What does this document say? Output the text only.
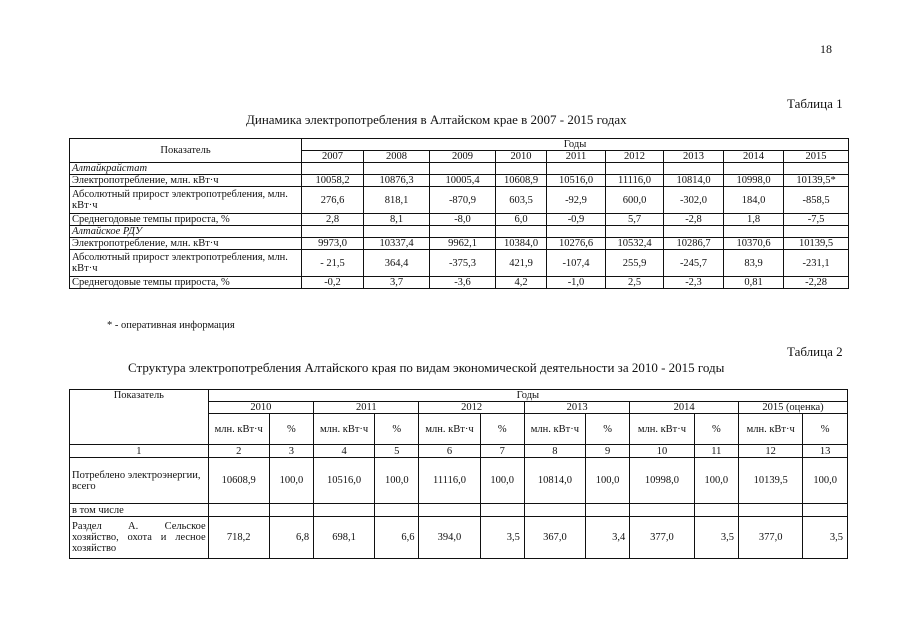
18
Таблица 1
Динамика электропотребления в Алтайском крае в 2007 - 2015 годах
Показатель	Годы								
	2007	2008	2009	2010	2011	2012	2013	2014	2015
Алтайкрайстат									
Электропотребление, млн. кВт·ч	10058,2	10876,3	10005,4	10608,9	10516,0	11116,0	10814,0	10998,0	10139,5*
Абсолютный прирост электропотребления, млн. кВт·ч	276,6	818,1	-870,9	603,5	-92,9	600,0	-302,0	184,0	-858,5
Среднегодовые темпы прироста, %	2,8	8,1	-8,0	6,0	-0,9	5,7	-2,8	1,8	-7,5
Алтайское РДУ									
Электропотребление, млн. кВт·ч	9973,0	10337,4	9962,1	10384,0	10276,6	10532,4	10286,7	10370,6	10139,5
Абсолютный прирост электропотребления, млн. кВт·ч	- 21,5	364,4	-375,3	421,9	-107,4	255,9	-245,7	83,9	-231,1
Среднегодовые темпы прироста, %	-0,2	3,7	-3,6	4,2	-1,0	2,5	-2,3	0,81	-2,28
* - оперативная информация
Таблица 2
Структура электропотребления Алтайского края по видам экономической деятельности за 2010 - 2015 годы
Показатель	Годы											
	2010		2011		2012		2013		2014		2015 (оценка)	
	млн. кВт·ч	%	млн. кВт·ч	%	млн. кВт·ч	%	млн. кВт·ч	%	млн. кВт·ч	%	млн. кВт·ч	%
1	2	3	4	5	6	7	8	9	10	11	12	13
Потреблено электроэнергии, всего	10608,9	100,0	10516,0	100,0	11116,0	100,0	10814,0	100,0	10998,0	100,0	10139,5	100,0
в том числе												
Раздел А. Сельское хозяйство, охота и лесное хозяйство	718,2	6,8	698,1	6,6	394,0	3,5	367,0	3,4	377,0	3,5	377,0	3,5
